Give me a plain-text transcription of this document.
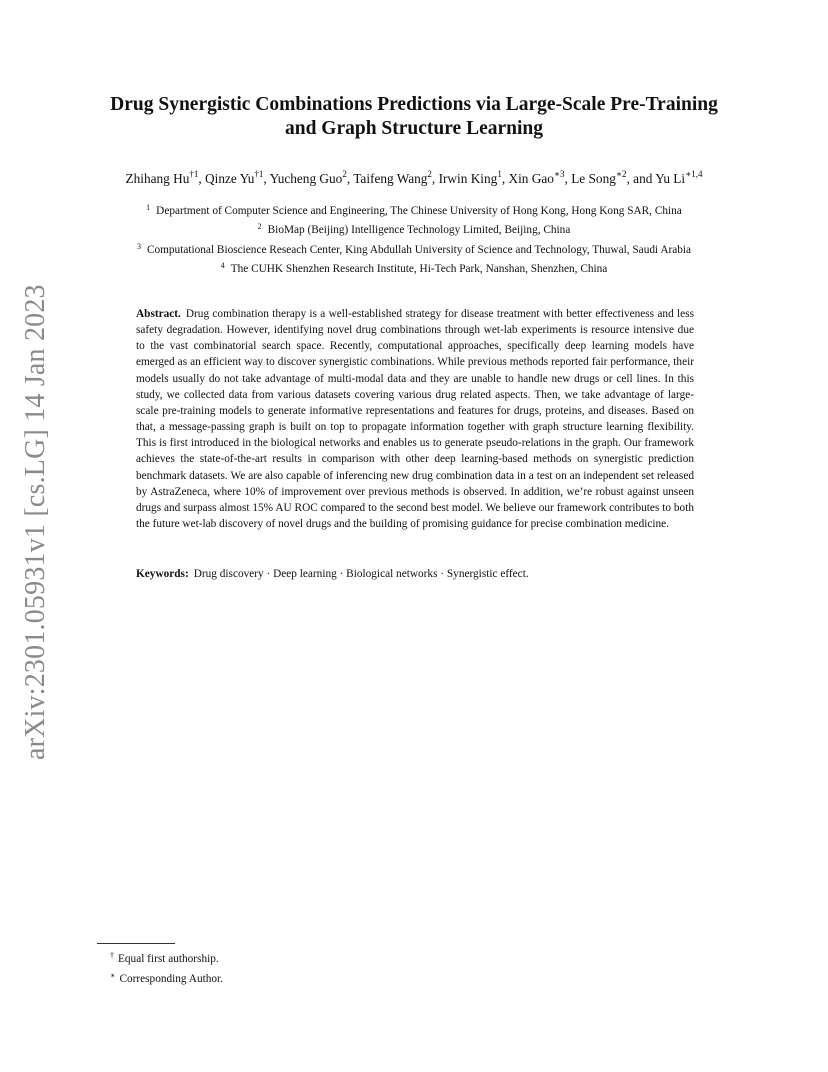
arXiv:2301.05931v1 [cs.LG] 14 Jan 2023
Drug Synergistic Combinations Predictions via Large-Scale Pre-Training
and Graph Structure Learning
Zhihang Hu$^{\dagger 1}$, Qinze Yu$^{\dagger 1}$, Yucheng Guo$^2$, Taifeng Wang$^2$, Irwin King$^1$, Xin Gao$^{∗3}$, Le Song$^{∗2}$, and Yu $Li^{∗1,4}$
$^1$ Department of Computer Science and Engineering, The Chinese University of Hong Kong, Hong Kong SAR, China
$^2$ BioMap (Beijing) Intelligence Technology Limited, Beijing, China
$^3$ Computational Bioscience Reseach Center, King Abdullah University of Science and Technology, Thuwal, Saudi Arabia
$^4$ The CUHK Shenzhen Research Institute, Hi-Tech Park, Nanshan, Shenzhen, China
Abstract. Drug combination therapy is a well-established strategy for disease treatment with better effectiveness and less safety degradation. However, identifying novel drug combinations through wet-lab experiments is resource intensive due to the vast combinatorial search space. Recently, computational approaches, specifically deep learning models have emerged as an efficient way to discover synergistic combinations. While previous methods reported fair performance, their models usually do not take advantage of multi-modal data and they are unable to handle new drugs or cell lines. In this study, we collected data from various datasets covering various drug related aspects. Then, we take advantage of large-scale pre-training models to generate informative representations and features for drugs, proteins, and diseases. Based on that, a message-passing graph is built on top to propagate information together with graph structure learning flexibility. This is first introduced in the biological networks and enables us to generate pseudo-relations in the graph. Our framework achieves the state-of-the-art results in comparison with other deep learning-based methods on synergistic prediction benchmark datasets. We are also capable of inferencing new drug combination data in a test on an independent set released by AstraZeneca, where 10% of improvement over previous methods is observed. In addition, we’re robust against unseen drugs and surpass almost 15% AU ROC compared to the second best model. We believe our framework contributes to both the future wet-lab discovery of novel drugs and the building of promising guidance for precise combination medicine.
Keywords: Drug discovery · Deep learning · Biological networks · Synergistic effect.
† Equal first authorship.
∗ Corresponding Author.
